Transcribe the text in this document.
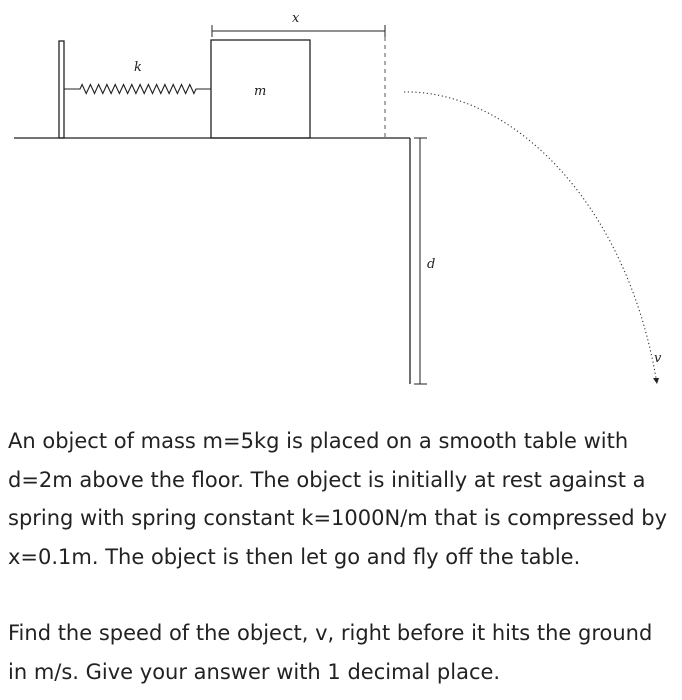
k
m
x
d
v

An object of mass m=5kg is placed on a smooth table with d=2m above the floor. The object is initially at rest against a spring with spring constant k=1000N/m that is compressed by x=0.1m. The object is then let go and fly off the table.

Find the speed of the object, v, right before it hits the ground in m/s. Give your answer with 1 decimal place.
